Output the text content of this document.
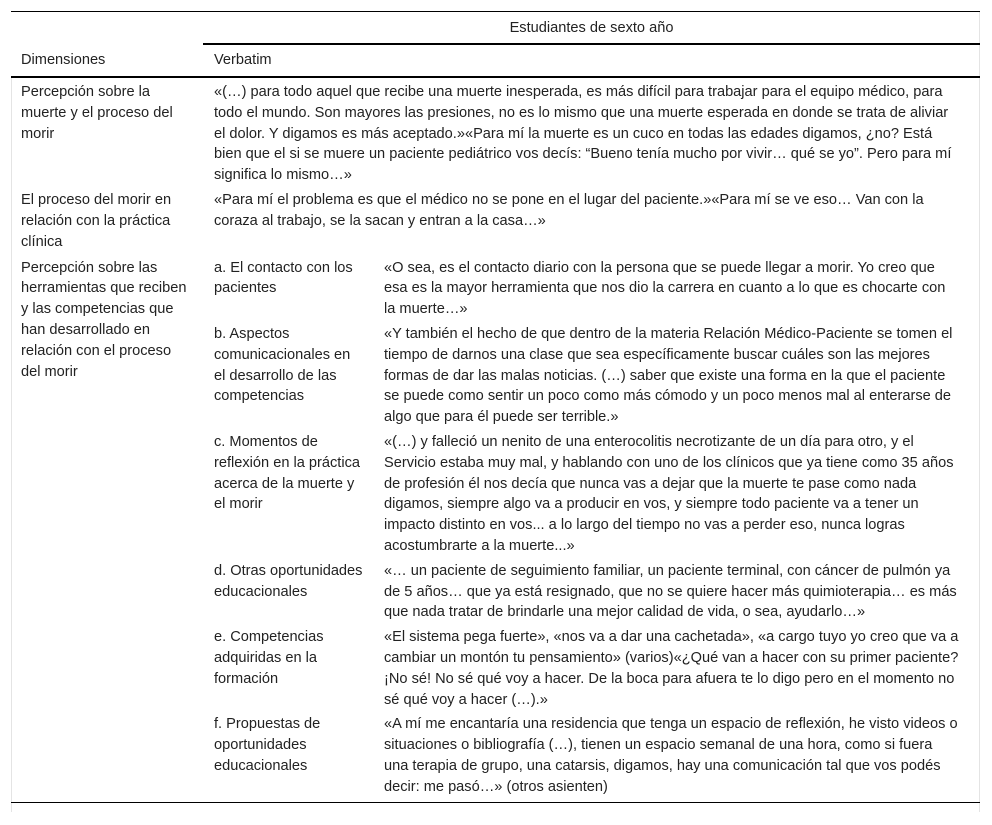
Dimensiones	Estudiantes de sexto año	
	Verbatim	
Percepción sobre la muerte y el proceso del morir	«(…) para todo aquel que recibe una muerte inesperada, es más difícil para trabajar para el equipo médico, para todo el mundo. Son mayores las presiones, no es lo mismo que una muerte esperada en donde se trata de aliviar el dolor. Y digamos es más aceptado.»«Para mí la muerte es un cuco en todas las edades digamos, ¿no? Está bien que el si se muere un paciente pediátrico vos decís: “Bueno tenía mucho por vivir… qué se yo”. Pero para mí significa lo mismo…»	
El proceso del morir en relación con la práctica clínica	«Para mí el problema es que el médico no se pone en el lugar del paciente.»«Para mí se ve eso… Van con la coraza al trabajo, se la sacan y entran a la casa…»	
Percepción sobre las herramientas que reciben y las competencias que han desarrollado en relación con el proceso del morir	a. El contacto con los pacientes	«O sea, es el contacto diario con la persona que se puede llegar a morir. Yo creo que esa es la mayor herramienta que nos dio la carrera en cuanto a lo que es chocarte con la muerte…»
	b. Aspectos comunicacionales en el desarrollo de las competencias	«Y también el hecho de que dentro de la materia Relación Médico-Paciente se tomen el tiempo de darnos una clase que sea específicamente buscar cuáles son las mejores formas de dar las malas noticias. (…) saber que existe una forma en la que el paciente se puede como sentir un poco como más cómodo y un poco menos mal al enterarse de algo que para él puede ser terrible.»
	c. Momentos de reflexión en la práctica acerca de la muerte y el morir	«(…) y falleció un nenito de una enterocolitis necrotizante de un día para otro, y el Servicio estaba muy mal, y hablando con uno de los clínicos que ya tiene como 35 años de profesión él nos decía que nunca vas a dejar que la muerte te pase como nada digamos, siempre algo va a producir en vos, y siempre todo paciente va a tener un impacto distinto en vos... a lo largo del tiempo no vas a perder eso, nunca logras acostumbrarte a la muerte...»
	d. Otras oportunidades educacionales	«… un paciente de seguimiento familiar, un paciente terminal, con cáncer de pulmón ya de 5 años… que ya está resignado, que no se quiere hacer más quimioterapia… es más que nada tratar de brindarle una mejor calidad de vida, o sea, ayudarlo…»
	e. Competencias adquiridas en la formación	«El sistema pega fuerte», «nos va a dar una cachetada», «a cargo tuyo yo creo que va a cambiar un montón tu pensamiento» (varios)«¿Qué van a hacer con su primer paciente? ¡No sé! No sé qué voy a hacer. De la boca para afuera te lo digo pero en el momento no sé qué voy a hacer (…).»
	f. Propuestas de oportunidades educacionales	«A mí me encantaría una residencia que tenga un espacio de reflexión, he visto videos o situaciones o bibliografía (…), tienen un espacio semanal de una hora, como si fuera una terapia de grupo, una catarsis, digamos, hay una comunicación tal que vos podés decir: me pasó…» (otros asienten)
